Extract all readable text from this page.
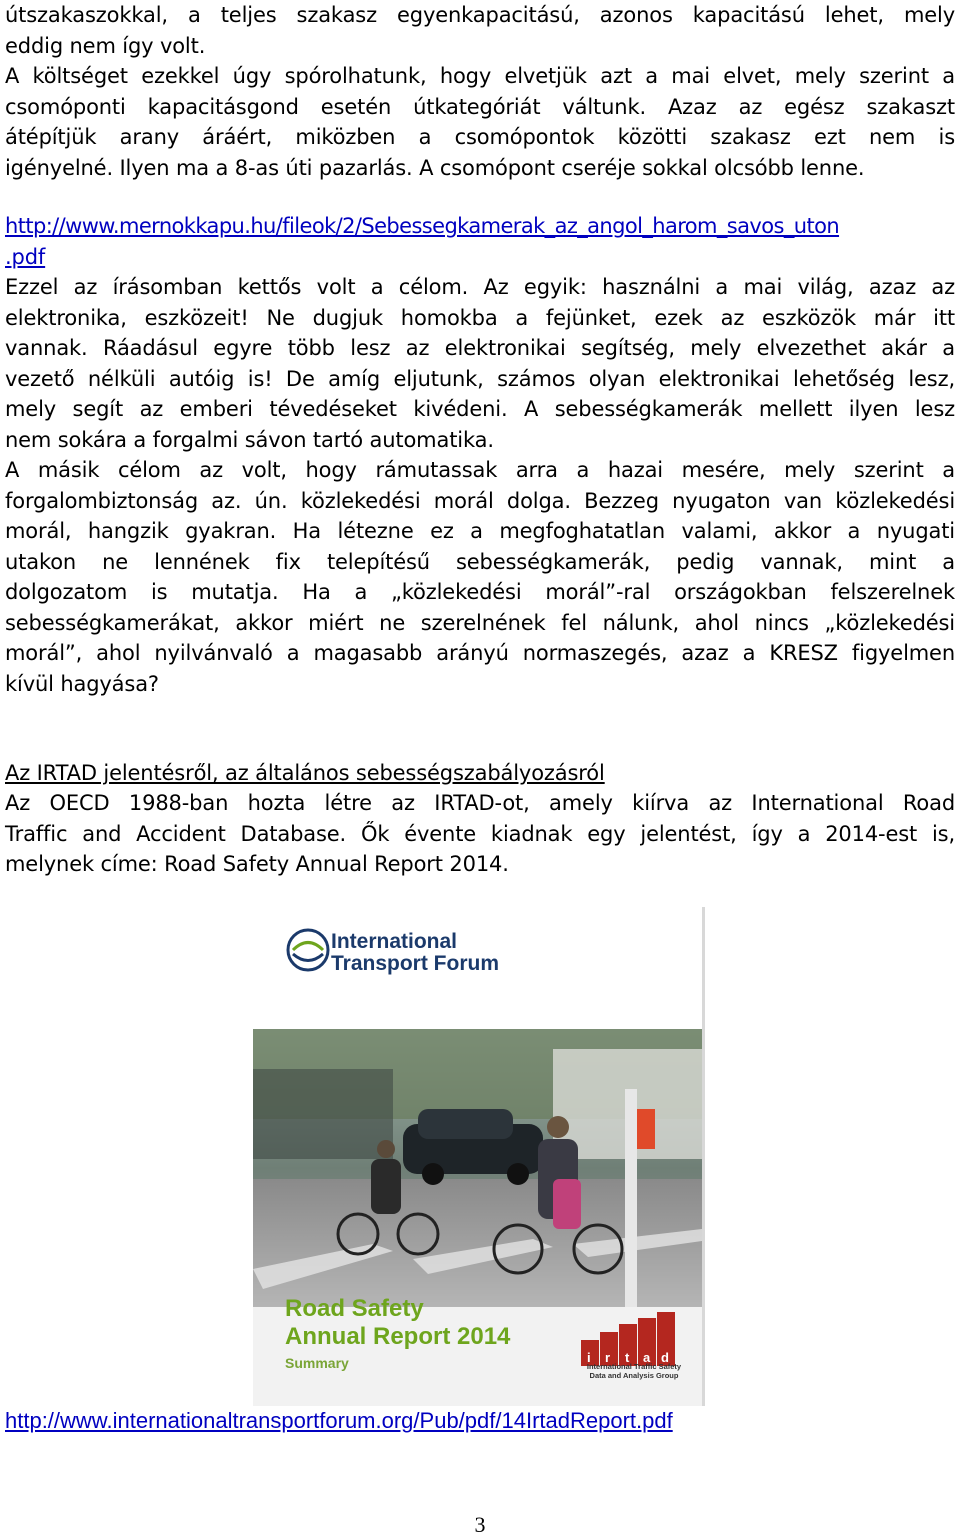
útszakaszokkal, a teljes szakasz egyenkapacitású, azonos kapacitású lehet, mely
eddig nem így volt.
A költséget ezekkel úgy spórolhatunk, hogy elvetjük azt a mai elvet, mely szerint a
csomóponti kapacitásgond esetén útkategóriát váltunk. Azaz az egész szakaszt
átépítjük arany áráért, miközben a csomópontok közötti szakasz ezt nem is
igényelné. Ilyen ma a 8-as úti pazarlás. A csomópont cseréje sokkal olcsóbb lenne.
http://www.mernokkapu.hu/fileok/2/Sebessegkamerak_az_angol_harom_savos_uton
.pdf
Ezzel az írásomban kettős volt a célom. Az egyik: használni a mai világ, azaz az
elektronika, eszközeit! Ne dugjuk homokba a fejünket, ezek az eszközök már itt
vannak. Ráadásul egyre több lesz az elektronikai segítség, mely elvezethet akár a
vezető nélküli autóig is! De amíg eljutunk, számos olyan elektronikai lehetőség lesz,
mely segít az emberi tévedéseket kivédeni. A sebességkamerák mellett ilyen lesz
nem sokára a forgalmi sávon tartó automatika.
A másik célom az volt, hogy rámutassak arra a hazai mesére, mely szerint a
forgalombiztonság az. ún. közlekedési morál dolga. Bezzeg nyugaton van közlekedési
morál, hangzik gyakran. Ha létezne ez a megfoghatatlan valami, akkor a nyugati
utakon ne lennének fix telepítésű sebességkamerák, pedig vannak, mint a
dolgozatom is mutatja. Ha a „közlekedési morál”-ral országokban felszerelnek
sebességkamerákat, akkor miért ne szerelnének fel nálunk, ahol nincs „közlekedési
morál”, ahol nyilvánvaló a magasabb arányú normaszegés, azaz a KRESZ figyelmen
kívül hagyása?
Az IRTAD jelentésről, az általános sebességszabályozásról
Az OECD 1988-ban hozta létre az IRTAD-ot, amely kiírva az International Road
Traffic and Accident Database. Ők évente kiadnak egy jelentést, így a 2014-est is,
melynek címe: Road Safety Annual Report 2014.
International
Transport Forum
Road Safety
Annual Report 2014
Summary	i r t a d
International Traffic Safety Data and Analysis Group
http://www.internationaltransportforum.org/Pub/pdf/14IrtadReport.pdf
3
